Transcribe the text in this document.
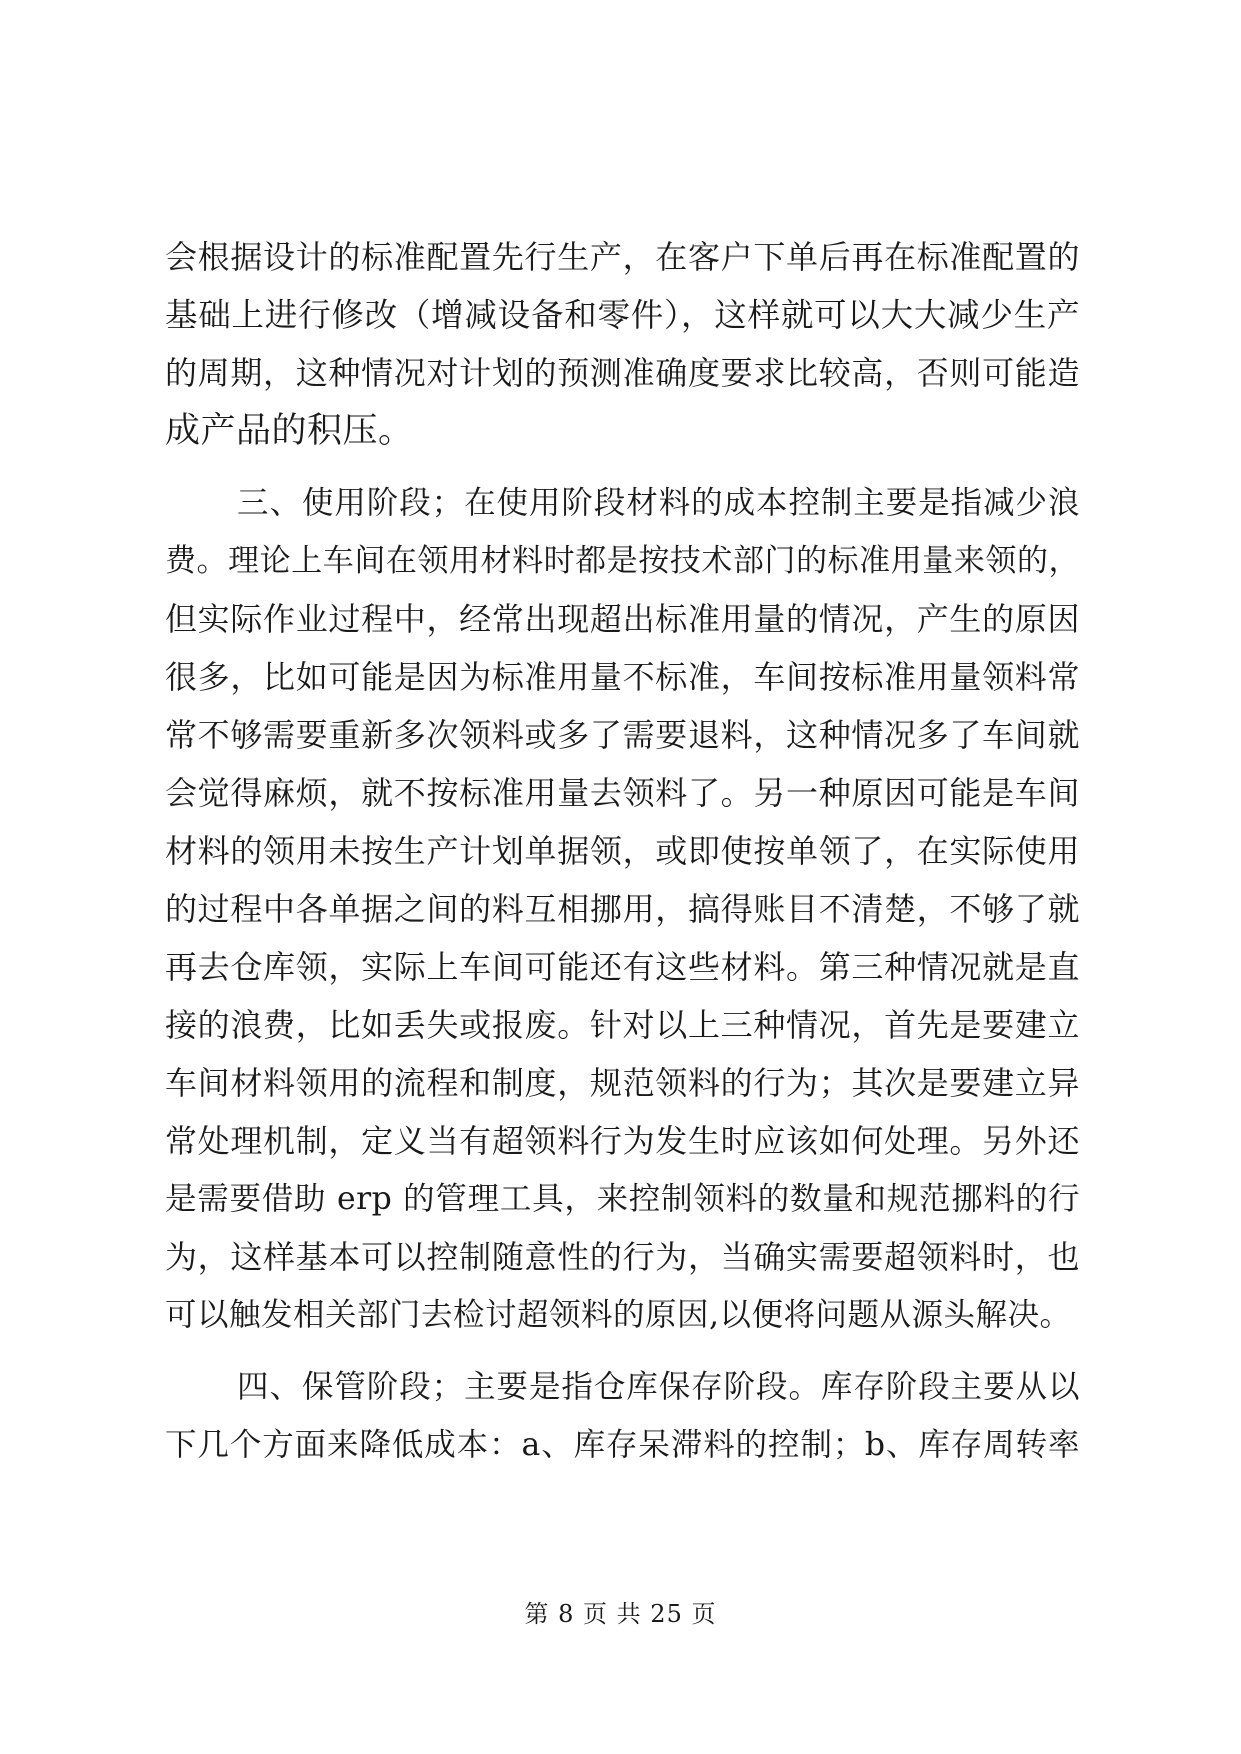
会根据设计的标准配置先行生产，在客户下单后再在标准配置的
基础上进行修改（增减设备和零件），这样就可以大大减少生产
的周期，这种情况对计划的预测准确度要求比较高，否则可能造
成产品的积压。
三、使用阶段；在使用阶段材料的成本控制主要是指减少浪
费。理论上车间在领用材料时都是按技术部门的标准用量来领的，
但实际作业过程中，经常出现超出标准用量的情况，产生的原因
很多，比如可能是因为标准用量不标准，车间按标准用量领料常
常不够需要重新多次领料或多了需要退料，这种情况多了车间就
会觉得麻烦，就不按标准用量去领料了。另一种原因可能是车间
材料的领用未按生产计划单据领，或即使按单领了，在实际使用
的过程中各单据之间的料互相挪用，搞得账目不清楚，不够了就
再去仓库领，实际上车间可能还有这些材料。第三种情况就是直
接的浪费，比如丢失或报废。针对以上三种情况，首先是要建立
车间材料领用的流程和制度，规范领料的行为；其次是要建立异
常处理机制，定义当有超领料行为发生时应该如何处理。另外还
是需要借助 erp 的管理工具，来控制领料的数量和规范挪料的行
为，这样基本可以控制随意性的行为，当确实需要超领料时，也
可以触发相关部门去检讨超领料的原因,以便将问题从源头解决。
四、保管阶段；主要是指仓库保存阶段。库存阶段主要从以
下几个方面来降低成本：a、库存呆滞料的控制；b、库存周转率
第 8 页 共 25 页
